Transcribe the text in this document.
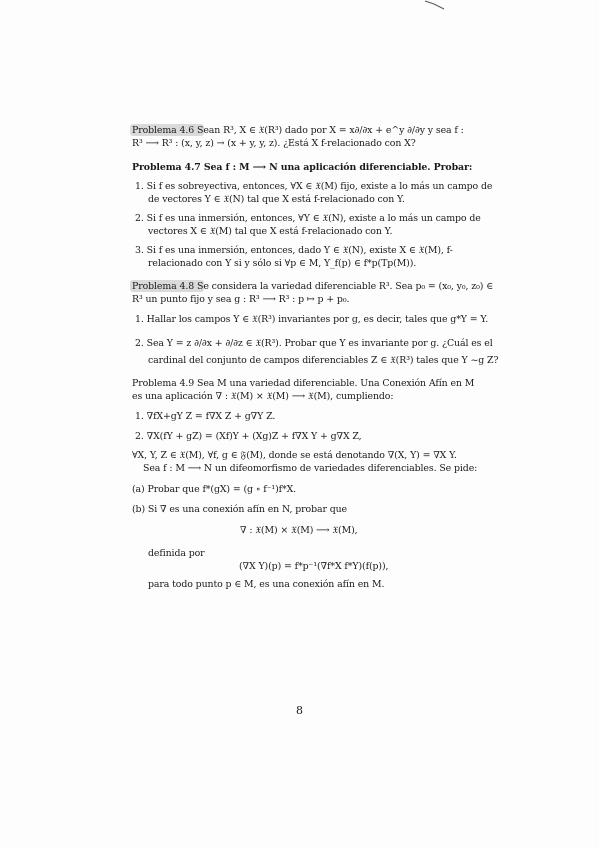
Problema 4.6 Sean R³, X ∈ 𝔛(R³) dado por X = x∂/∂x + e^y ∂/∂y y sea f :
R³ ⟶ R³ : (x, y, z) → (x + y, y, z). ¿Está X f-relacionado con X?
Problema 4.7 Sea f : M ⟶ N una aplicación diferenciable. Probar:
1. Si f es sobreyectiva, entonces, ∀X ∈ 𝔛(M) fijo, existe a lo más un campo de
de vectores Y ∈ 𝔛(N) tal que X está f-relacionado con Y.
2. Si f es una inmersión, entonces, ∀Y ∈ 𝔛(N), existe a lo más un campo de
vectores X ∈ 𝔛(M) tal que X está f-relacionado con Y.
3. Si f es una inmersión, entonces, dado Y ∈ 𝔛(N), existe X ∈ 𝔛(M), f-
relacionado con Y si y sólo si ∀p ∈ M, Y_f(p) ∈ f*p(Tp(M)).
Problema 4.8 Se considera la variedad diferenciable R³. Sea p₀ = (x₀, y₀, z₀) ∈
R³ un punto fijo y sea g : R³ ⟶ R³ : p ↦ p + p₀.
1. Hallar los campos Y ∈ 𝔛(R³) invariantes por g, es decir, tales que g*Y = Y.
2. Sea Y = z ∂/∂x + ∂/∂z ∈ 𝔛(R³). Probar que Y es invariante por g. ¿Cuál es el
cardinal del conjunto de campos diferenciables Z ∈ 𝔛(R³) tales que Y ~g Z?
Problema 4.9 Sea M una variedad diferenciable. Una Conexión Afín en M
es una aplicación ∇ : 𝔛(M) × 𝔛(M) ⟶ 𝔛(M), cumpliendo:
1. ∇fX+gY Z = f∇X Z + g∇Y Z.
2. ∇X(fY + gZ) = (Xf)Y + (Xg)Z + f∇X Y + g∇X Z,
∀X, Y, Z ∈ 𝔛(M), ∀f, g ∈ 𝔉(M), donde se está denotando ∇(X, Y) = ∇X Y.
Sea f : M ⟶ N un difeomorfismo de variedades diferenciables. Se pide:
(a) Probar que f*(gX) = (g ∘ f⁻¹)f*X.
(b) Si ∇̃ es una conexión afín en N, probar que
∇ : 𝔛(M) × 𝔛(M) ⟶ 𝔛(M),
definida por
(∇X Y)(p) = f*p⁻¹(∇̃f*X f*Y)(f(p)),
para todo punto p ∈ M, es una conexión afín en M.
8
